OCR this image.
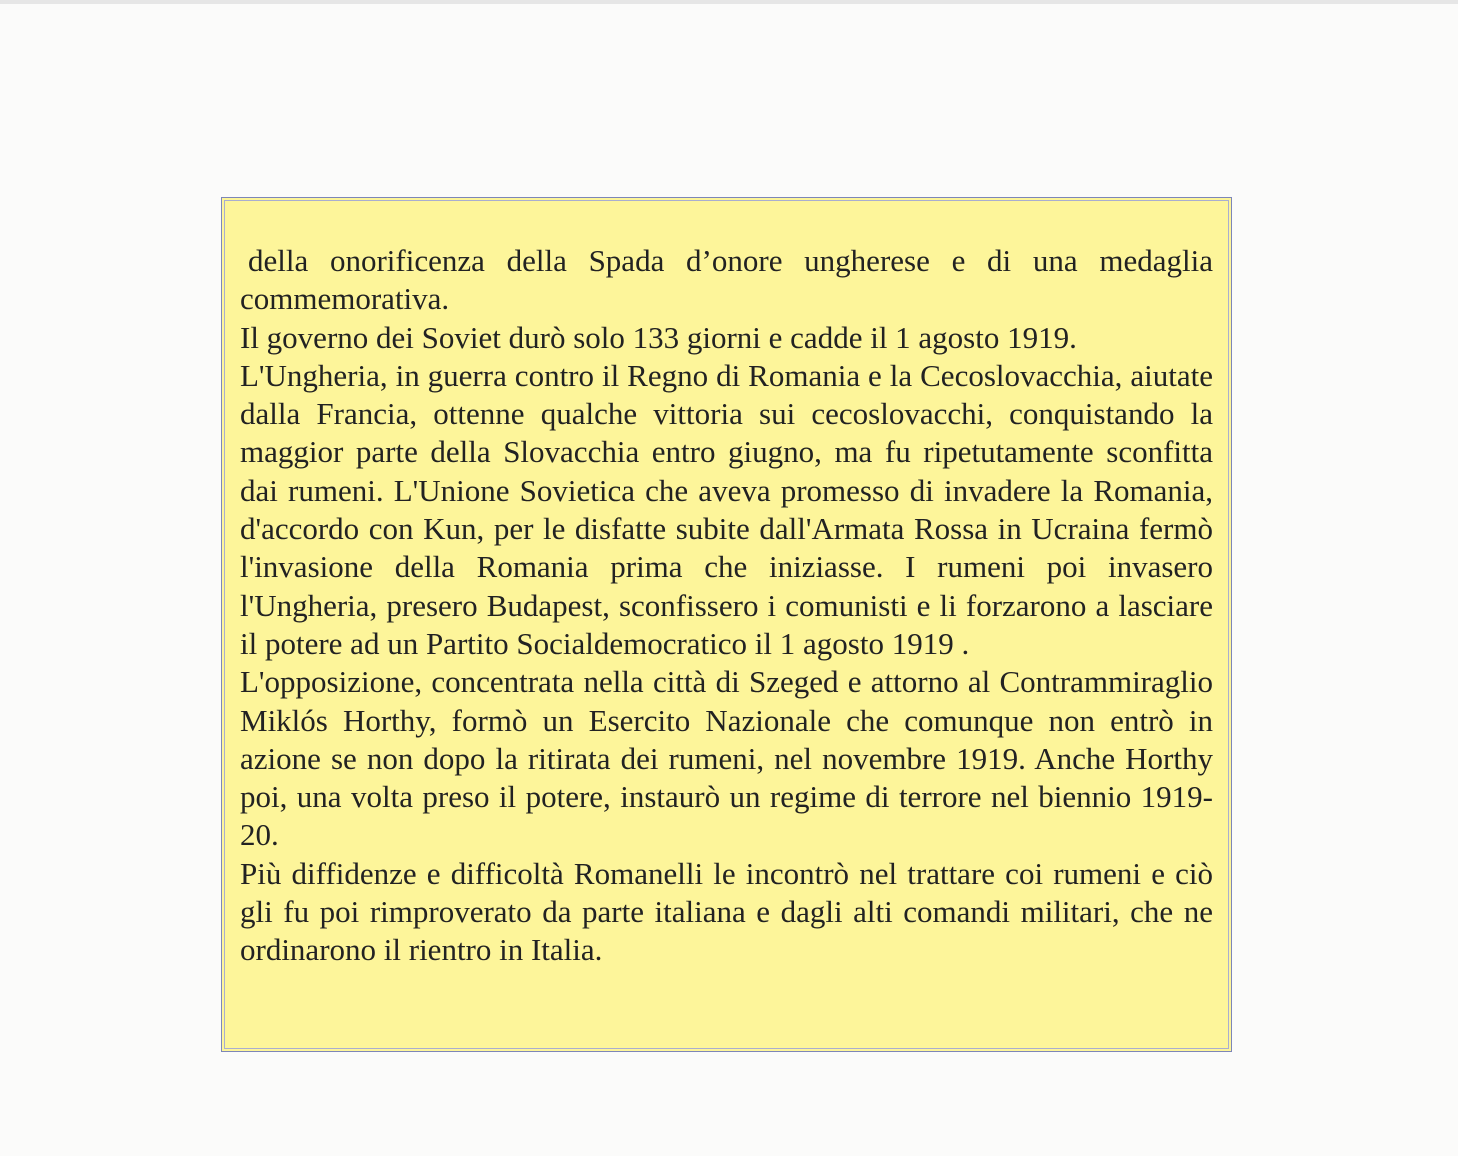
della onorificenza della Spada d’onore ungherese e di una medaglia commemorativa.

Il governo dei Soviet durò solo 133 giorni e cadde il 1 agosto 1919.

L'Ungheria, in guerra contro il Regno di Romania e la Cecoslovacchia, aiutate dalla Francia, ottenne qualche vittoria sui cecoslovacchi, conquistando la maggior parte della Slovacchia entro giugno, ma fu ripetutamente sconfitta dai rumeni. L'Unione Sovietica che aveva promesso di invadere la Romania, d'accordo con Kun, per le disfatte subite dall'Armata Rossa in Ucraina fermò l'invasione della Romania prima che iniziasse. I rumeni poi invasero l'Ungheria, presero Budapest, sconfissero i comunisti e li forzarono a lasciare il potere ad un Partito Socialdemocratico il 1 agosto 1919 .

L'opposizione, concentrata nella città di Szeged e attorno al Contrammiraglio Miklós Horthy, formò un Esercito Nazionale che comunque non entrò in azione se non dopo la ritirata dei rumeni, nel novembre 1919. Anche Horthy poi, una volta preso il potere, instaurò un regime di terrore nel biennio 1919-20.

Più diffidenze e difficoltà Romanelli le incontrò nel trattare coi rumeni e ciò gli fu poi rimproverato da parte italiana e dagli alti comandi militari, che ne ordinarono il rientro in Italia.
